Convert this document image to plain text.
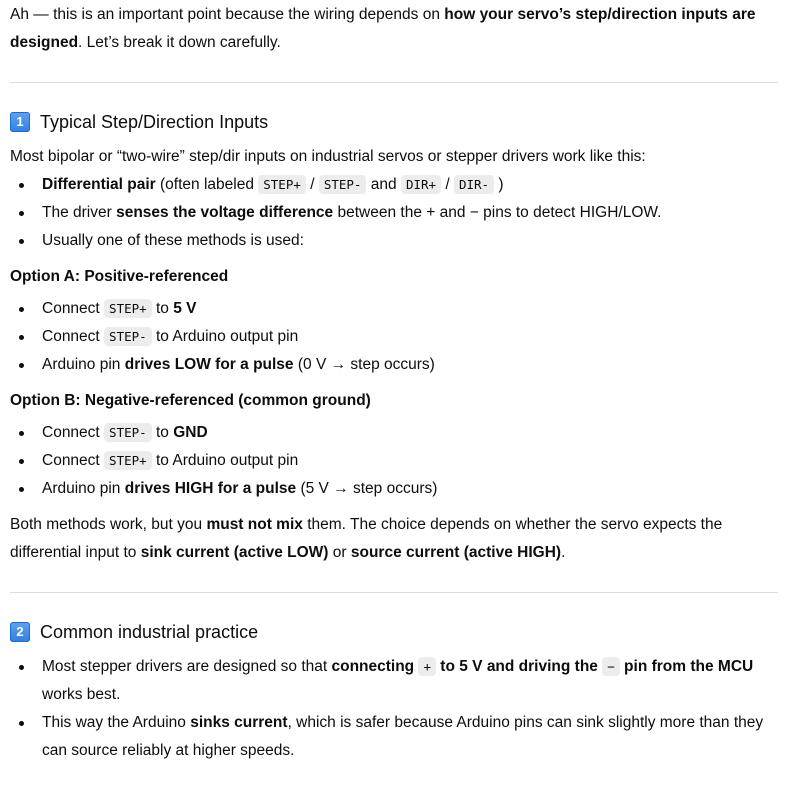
Ah — this is an important point because the wiring depends on how your servo’s step/direction inputs are designed. Let’s break it down carefully.

1 Typical Step/Direction Inputs

Most bipolar or “two-wire” step/dir inputs on industrial servos or stepper drivers work like this:

Differential pair (often labeled STEP+ / STEP- and DIR+ / DIR- )
The driver senses the voltage difference between the + and − pins to detect HIGH/LOW.
Usually one of these methods is used:

Option A: Positive-referenced

Connect STEP+ to 5 V
Connect STEP- to Arduino output pin
Arduino pin drives LOW for a pulse (0 V → step occurs)

Option B: Negative-referenced (common ground)

Connect STEP- to GND
Connect STEP+ to Arduino output pin
Arduino pin drives HIGH for a pulse (5 V → step occurs)

Both methods work, but you must not mix them. The choice depends on whether the servo expects the differential input to sink current (active LOW) or source current (active HIGH).

2 Common industrial practice
Most stepper drivers are designed so that connecting + to 5 V and driving the − pin from the MCU works best.
This way the Arduino sinks current, which is safer because Arduino pins can sink slightly more than they can source reliably at higher speeds.
